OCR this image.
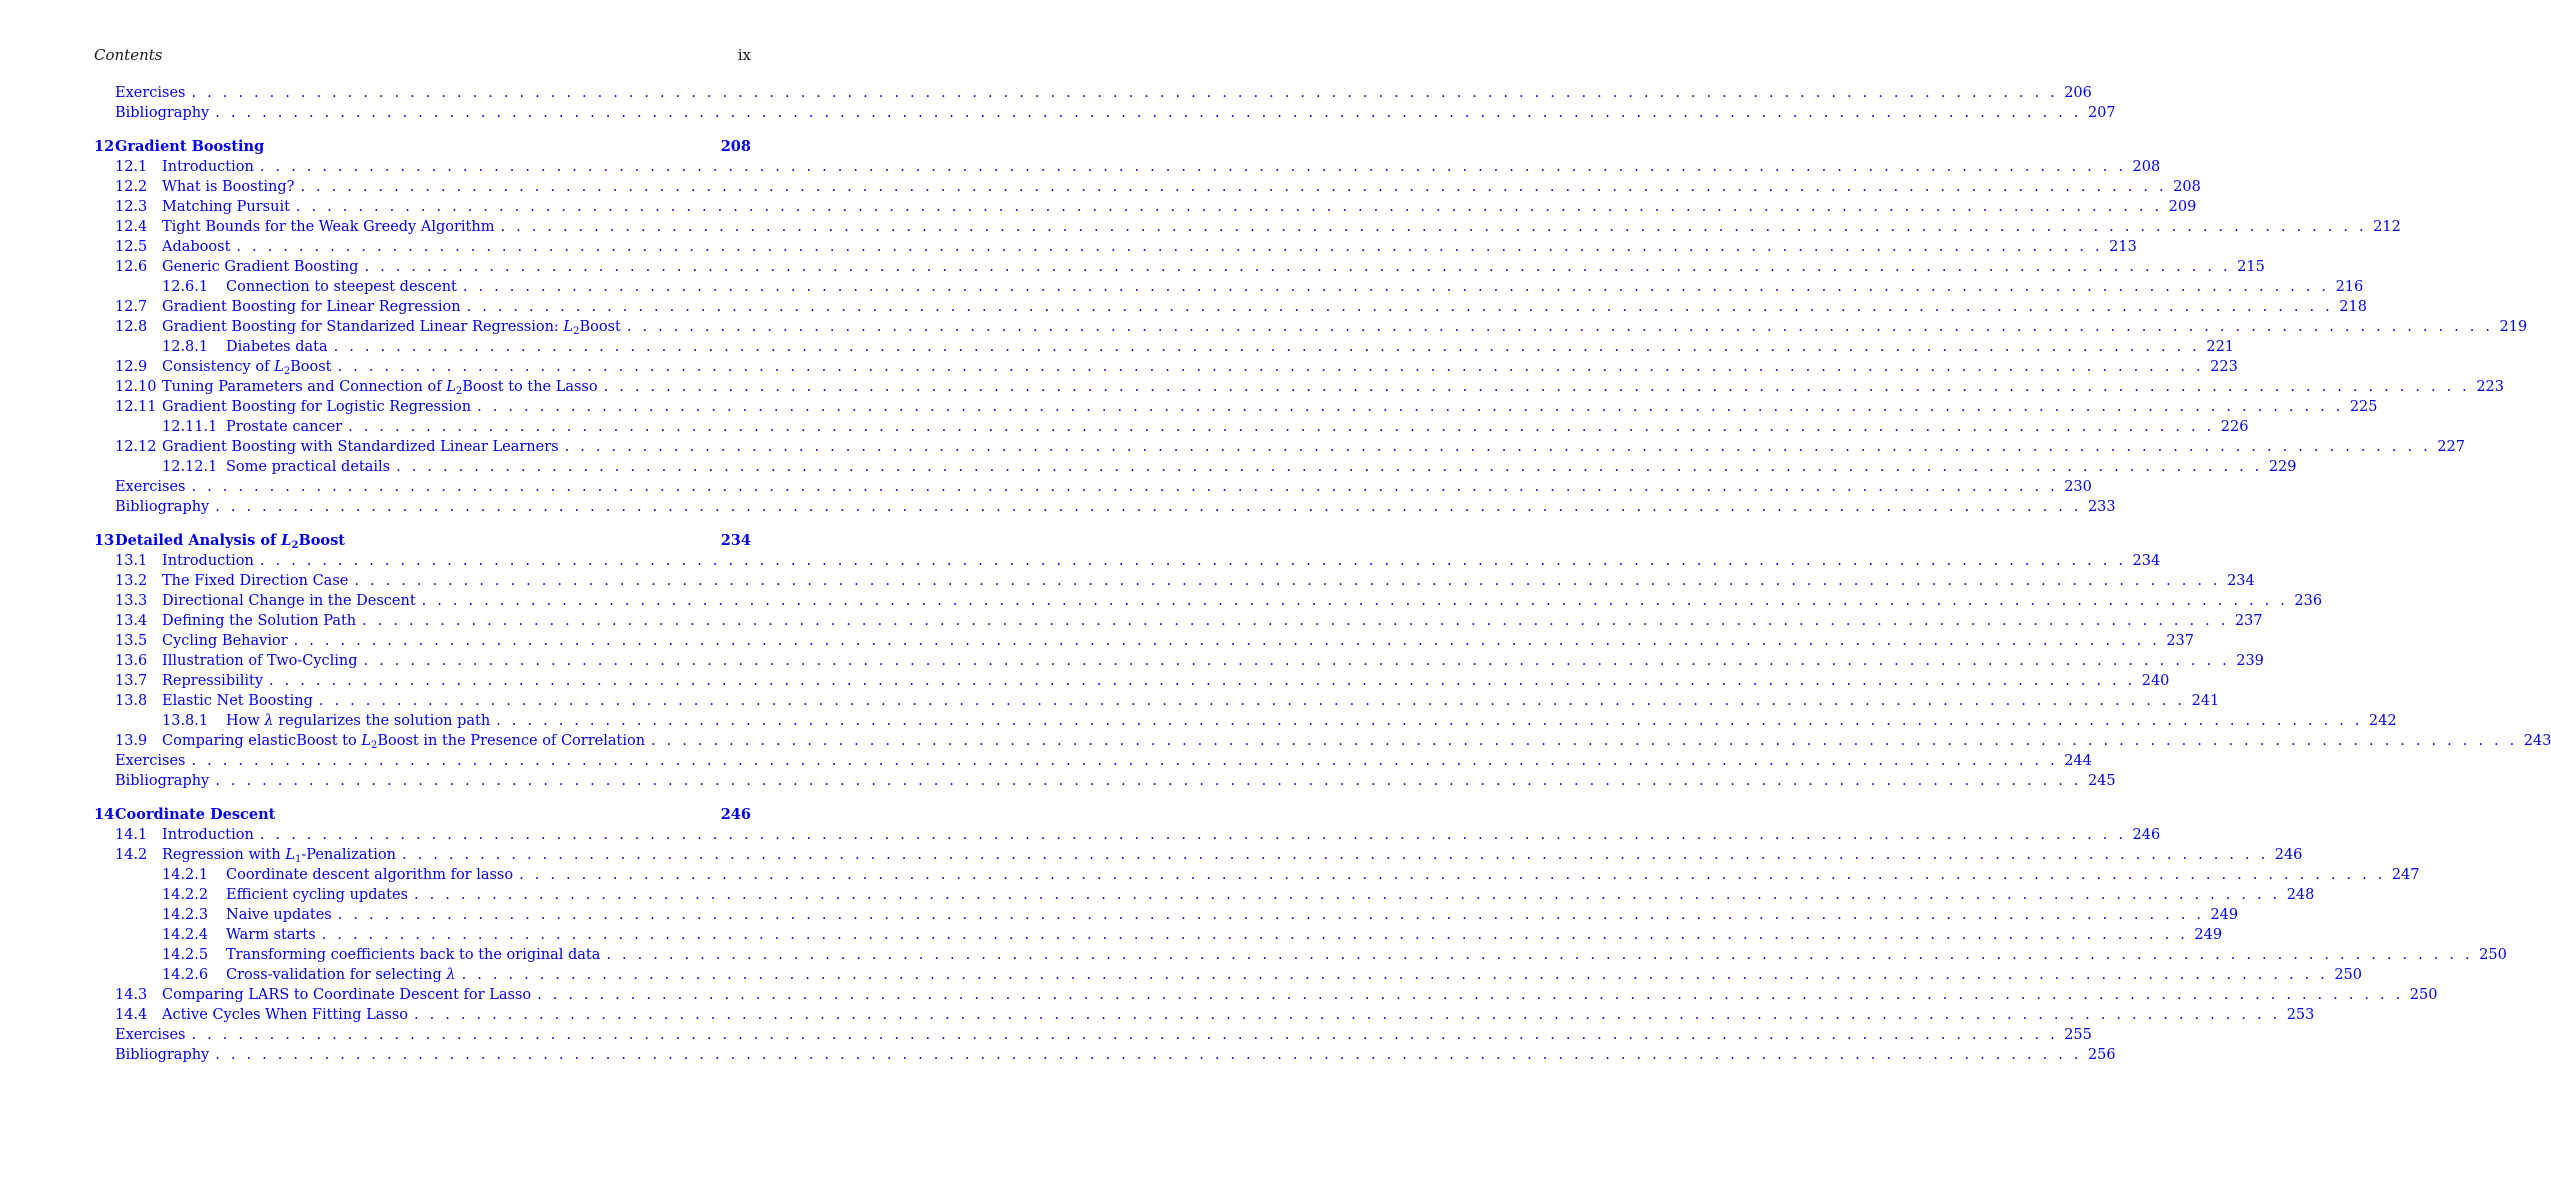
Contents	ix
Exercises . . . . . . . . . . . . . . . . . . . . . . . . . . . . . . . . . . . . . . . . . . . . . . . . . . . . . . . . . . . . . . . . . . . . . . . . . . . . . . . . . . . . . . . . . . . . . . . . . . . . . . . . . . . . . . . . . . . . . . . . 206
Bibliography . . . . . . . . . . . . . . . . . . . . . . . . . . . . . . . . . . . . . . . . . . . . . . . . . . . . . . . . . . . . . . . . . . . . . . . . . . . . . . . . . . . . . . . . . . . . . . . . . . . . . . . . . . . . . . . . . . . . . . . . 207
12 Gradient Boosting	208
12.1 Introduction . . . . . . . . . . . . . . . . . . . . . . . . . . . . . . . . . . . . . . . . . . . . . . . . . . . . . . . . . . . . . . . . . . . . . . . . . . . . . . . . . . . . . . . . . . . . . . . . . . . . . . . . . . . . . . . . . . . . . . . . 208
12.2 What is Boosting? . . . . . . . . . . . . . . . . . . . . . . . . . . . . . . . . . . . . . . . . . . . . . . . . . . . . . . . . . . . . . . . . . . . . . . . . . . . . . . . . . . . . . . . . . . . . . . . . . . . . . . . . . . . . . . . . . . . . . . . . 208
12.3 Matching Pursuit . . . . . . . . . . . . . . . . . . . . . . . . . . . . . . . . . . . . . . . . . . . . . . . . . . . . . . . . . . . . . . . . . . . . . . . . . . . . . . . . . . . . . . . . . . . . . . . . . . . . . . . . . . . . . . . . . . . . . . . . 209
12.4 Tight Bounds for the Weak Greedy Algorithm . . . . . . . . . . . . . . . . . . . . . . . . . . . . . . . . . . . . . . . . . . . . . . . . . . . . . . . . . . . . . . . . . . . . . . . . . . . . . . . . . . . . . . . . . . . . . . . . . . . . . . . . . . . . . . . . . . . . . . . . 212
12.5 Adaboost . . . . . . . . . . . . . . . . . . . . . . . . . . . . . . . . . . . . . . . . . . . . . . . . . . . . . . . . . . . . . . . . . . . . . . . . . . . . . . . . . . . . . . . . . . . . . . . . . . . . . . . . . . . . . . . . . . . . . . . . 213
12.6 Generic Gradient Boosting . . . . . . . . . . . . . . . . . . . . . . . . . . . . . . . . . . . . . . . . . . . . . . . . . . . . . . . . . . . . . . . . . . . . . . . . . . . . . . . . . . . . . . . . . . . . . . . . . . . . . . . . . . . . . . . . . . . . . . . . 215
12.6.1 Connection to steepest descent . . . . . . . . . . . . . . . . . . . . . . . . . . . . . . . . . . . . . . . . . . . . . . . . . . . . . . . . . . . . . . . . . . . . . . . . . . . . . . . . . . . . . . . . . . . . . . . . . . . . . . . . . . . . . . . . . . . . . . . . 216
12.7 Gradient Boosting for Linear Regression . . . . . . . . . . . . . . . . . . . . . . . . . . . . . . . . . . . . . . . . . . . . . . . . . . . . . . . . . . . . . . . . . . . . . . . . . . . . . . . . . . . . . . . . . . . . . . . . . . . . . . . . . . . . . . . . . . . . . . . . 218
12.8 Gradient Boosting for Standarized Linear Regression: $L_2Boost$ . . . . . . . . . . . . . . . . . . . . . . . . . . . . . . . . . . . . . . . . . . . . . . . . . . . . . . . . . . . . . . . . . . . . . . . . . . . . . . . . . . . . . . . . . . . . . . . . . . . . . . . . . . . . . . . . . . . . . . . . 219
12.8.1 Diabetes data . . . . . . . . . . . . . . . . . . . . . . . . . . . . . . . . . . . . . . . . . . . . . . . . . . . . . . . . . . . . . . . . . . . . . . . . . . . . . . . . . . . . . . . . . . . . . . . . . . . . . . . . . . . . . . . . . . . . . . . . 221
12.9 Consistency of $L_2Boost$ . . . . . . . . . . . . . . . . . . . . . . . . . . . . . . . . . . . . . . . . . . . . . . . . . . . . . . . . . . . . . . . . . . . . . . . . . . . . . . . . . . . . . . . . . . . . . . . . . . . . . . . . . . . . . . . . . . . . . . . . 223
12.10 Tuning Parameters and Connection of $L_2Boost$ to the Lasso . . . . . . . . . . . . . . . . . . . . . . . . . . . . . . . . . . . . . . . . . . . . . . . . . . . . . . . . . . . . . . . . . . . . . . . . . . . . . . . . . . . . . . . . . . . . . . . . . . . . . . . . . . . . . . . . . . . . . . . . 223
12.11 Gradient Boosting for Logistic Regression . . . . . . . . . . . . . . . . . . . . . . . . . . . . . . . . . . . . . . . . . . . . . . . . . . . . . . . . . . . . . . . . . . . . . . . . . . . . . . . . . . . . . . . . . . . . . . . . . . . . . . . . . . . . . . . . . . . . . . . . 225
12.11.1 Prostate cancer . . . . . . . . . . . . . . . . . . . . . . . . . . . . . . . . . . . . . . . . . . . . . . . . . . . . . . . . . . . . . . . . . . . . . . . . . . . . . . . . . . . . . . . . . . . . . . . . . . . . . . . . . . . . . . . . . . . . . . . . 226
12.12 Gradient Boosting with Standardized Linear Learners . . . . . . . . . . . . . . . . . . . . . . . . . . . . . . . . . . . . . . . . . . . . . . . . . . . . . . . . . . . . . . . . . . . . . . . . . . . . . . . . . . . . . . . . . . . . . . . . . . . . . . . . . . . . . . . . . . . . . . . . 227
12.12.1 Some practical details . . . . . . . . . . . . . . . . . . . . . . . . . . . . . . . . . . . . . . . . . . . . . . . . . . . . . . . . . . . . . . . . . . . . . . . . . . . . . . . . . . . . . . . . . . . . . . . . . . . . . . . . . . . . . . . . . . . . . . . . 229
Exercises . . . . . . . . . . . . . . . . . . . . . . . . . . . . . . . . . . . . . . . . . . . . . . . . . . . . . . . . . . . . . . . . . . . . . . . . . . . . . . . . . . . . . . . . . . . . . . . . . . . . . . . . . . . . . . . . . . . . . . . . 230
Bibliography . . . . . . . . . . . . . . . . . . . . . . . . . . . . . . . . . . . . . . . . . . . . . . . . . . . . . . . . . . . . . . . . . . . . . . . . . . . . . . . . . . . . . . . . . . . . . . . . . . . . . . . . . . . . . . . . . . . . . . . . 233
13 Detailed Analysis of $L_2Boost$	234
13.1 Introduction . . . . . . . . . . . . . . . . . . . . . . . . . . . . . . . . . . . . . . . . . . . . . . . . . . . . . . . . . . . . . . . . . . . . . . . . . . . . . . . . . . . . . . . . . . . . . . . . . . . . . . . . . . . . . . . . . . . . . . . . 234
13.2 The Fixed Direction Case . . . . . . . . . . . . . . . . . . . . . . . . . . . . . . . . . . . . . . . . . . . . . . . . . . . . . . . . . . . . . . . . . . . . . . . . . . . . . . . . . . . . . . . . . . . . . . . . . . . . . . . . . . . . . . . . . . . . . . . . 234
13.3 Directional Change in the Descent . . . . . . . . . . . . . . . . . . . . . . . . . . . . . . . . . . . . . . . . . . . . . . . . . . . . . . . . . . . . . . . . . . . . . . . . . . . . . . . . . . . . . . . . . . . . . . . . . . . . . . . . . . . . . . . . . . . . . . . . 236
13.4 Defining the Solution Path . . . . . . . . . . . . . . . . . . . . . . . . . . . . . . . . . . . . . . . . . . . . . . . . . . . . . . . . . . . . . . . . . . . . . . . . . . . . . . . . . . . . . . . . . . . . . . . . . . . . . . . . . . . . . . . . . . . . . . . . 237
13.5 Cycling Behavior . . . . . . . . . . . . . . . . . . . . . . . . . . . . . . . . . . . . . . . . . . . . . . . . . . . . . . . . . . . . . . . . . . . . . . . . . . . . . . . . . . . . . . . . . . . . . . . . . . . . . . . . . . . . . . . . . . . . . . . . 237
13.6 Illustration of Two-Cycling . . . . . . . . . . . . . . . . . . . . . . . . . . . . . . . . . . . . . . . . . . . . . . . . . . . . . . . . . . . . . . . . . . . . . . . . . . . . . . . . . . . . . . . . . . . . . . . . . . . . . . . . . . . . . . . . . . . . . . . . 239
13.7 Repressibility . . . . . . . . . . . . . . . . . . . . . . . . . . . . . . . . . . . . . . . . . . . . . . . . . . . . . . . . . . . . . . . . . . . . . . . . . . . . . . . . . . . . . . . . . . . . . . . . . . . . . . . . . . . . . . . . . . . . . . . . 240
13.8 Elastic Net Boosting . . . . . . . . . . . . . . . . . . . . . . . . . . . . . . . . . . . . . . . . . . . . . . . . . . . . . . . . . . . . . . . . . . . . . . . . . . . . . . . . . . . . . . . . . . . . . . . . . . . . . . . . . . . . . . . . . . . . . . . . 241
13.8.1 How λ regularizes the solution path . . . . . . . . . . . . . . . . . . . . . . . . . . . . . . . . . . . . . . . . . . . . . . . . . . . . . . . . . . . . . . . . . . . . . . . . . . . . . . . . . . . . . . . . . . . . . . . . . . . . . . . . . . . . . . . . . . . . . . . . 242
13.9 Comparing elasticBoost to $L_2Boost$ in the Presence of Correlation . . . . . . . . . . . . . . . . . . . . . . . . . . . . . . . . . . . . . . . . . . . . . . . . . . . . . . . . . . . . . . . . . . . . . . . . . . . . . . . . . . . . . . . . . . . . . . . . . . . . . . . . . . . . . . . . . . . . . . . . 243
Exercises . . . . . . . . . . . . . . . . . . . . . . . . . . . . . . . . . . . . . . . . . . . . . . . . . . . . . . . . . . . . . . . . . . . . . . . . . . . . . . . . . . . . . . . . . . . . . . . . . . . . . . . . . . . . . . . . . . . . . . . . 244
Bibliography . . . . . . . . . . . . . . . . . . . . . . . . . . . . . . . . . . . . . . . . . . . . . . . . . . . . . . . . . . . . . . . . . . . . . . . . . . . . . . . . . . . . . . . . . . . . . . . . . . . . . . . . . . . . . . . . . . . . . . . . 245
14 Coordinate Descent	246
14.1 Introduction . . . . . . . . . . . . . . . . . . . . . . . . . . . . . . . . . . . . . . . . . . . . . . . . . . . . . . . . . . . . . . . . . . . . . . . . . . . . . . . . . . . . . . . . . . . . . . . . . . . . . . . . . . . . . . . . . . . . . . . . 246
14.2 Regression with $L_1$-Penalization . . . . . . . . . . . . . . . . . . . . . . . . . . . . . . . . . . . . . . . . . . . . . . . . . . . . . . . . . . . . . . . . . . . . . . . . . . . . . . . . . . . . . . . . . . . . . . . . . . . . . . . . . . . . . . . . . . . . . . . . 246
14.2.1 Coordinate descent algorithm for lasso . . . . . . . . . . . . . . . . . . . . . . . . . . . . . . . . . . . . . . . . . . . . . . . . . . . . . . . . . . . . . . . . . . . . . . . . . . . . . . . . . . . . . . . . . . . . . . . . . . . . . . . . . . . . . . . . . . . . . . . . 247
14.2.2 Efficient cycling updates . . . . . . . . . . . . . . . . . . . . . . . . . . . . . . . . . . . . . . . . . . . . . . . . . . . . . . . . . . . . . . . . . . . . . . . . . . . . . . . . . . . . . . . . . . . . . . . . . . . . . . . . . . . . . . . . . . . . . . . . 248
14.2.3 Naive updates . . . . . . . . . . . . . . . . . . . . . . . . . . . . . . . . . . . . . . . . . . . . . . . . . . . . . . . . . . . . . . . . . . . . . . . . . . . . . . . . . . . . . . . . . . . . . . . . . . . . . . . . . . . . . . . . . . . . . . . . 249
14.2.4 Warm starts . . . . . . . . . . . . . . . . . . . . . . . . . . . . . . . . . . . . . . . . . . . . . . . . . . . . . . . . . . . . . . . . . . . . . . . . . . . . . . . . . . . . . . . . . . . . . . . . . . . . . . . . . . . . . . . . . . . . . . . . 249
14.2.5 Transforming coefficients back to the original data . . . . . . . . . . . . . . . . . . . . . . . . . . . . . . . . . . . . . . . . . . . . . . . . . . . . . . . . . . . . . . . . . . . . . . . . . . . . . . . . . . . . . . . . . . . . . . . . . . . . . . . . . . . . . . . . . . . . . . . . 250
14.2.6 Cross-validation for selecting λ . . . . . . . . . . . . . . . . . . . . . . . . . . . . . . . . . . . . . . . . . . . . . . . . . . . . . . . . . . . . . . . . . . . . . . . . . . . . . . . . . . . . . . . . . . . . . . . . . . . . . . . . . . . . . . . . . . . . . . . . 250
14.3 Comparing LARS to Coordinate Descent for Lasso . . . . . . . . . . . . . . . . . . . . . . . . . . . . . . . . . . . . . . . . . . . . . . . . . . . . . . . . . . . . . . . . . . . . . . . . . . . . . . . . . . . . . . . . . . . . . . . . . . . . . . . . . . . . . . . . . . . . . . . . 250
14.4 Active Cycles When Fitting Lasso . . . . . . . . . . . . . . . . . . . . . . . . . . . . . . . . . . . . . . . . . . . . . . . . . . . . . . . . . . . . . . . . . . . . . . . . . . . . . . . . . . . . . . . . . . . . . . . . . . . . . . . . . . . . . . . . . . . . . . . . 253
Exercises . . . . . . . . . . . . . . . . . . . . . . . . . . . . . . . . . . . . . . . . . . . . . . . . . . . . . . . . . . . . . . . . . . . . . . . . . . . . . . . . . . . . . . . . . . . . . . . . . . . . . . . . . . . . . . . . . . . . . . . . 255
Bibliography . . . . . . . . . . . . . . . . . . . . . . . . . . . . . . . . . . . . . . . . . . . . . . . . . . . . . . . . . . . . . . . . . . . . . . . . . . . . . . . . . . . . . . . . . . . . . . . . . . . . . . . . . . . . . . . . . . . . . . . . 256
